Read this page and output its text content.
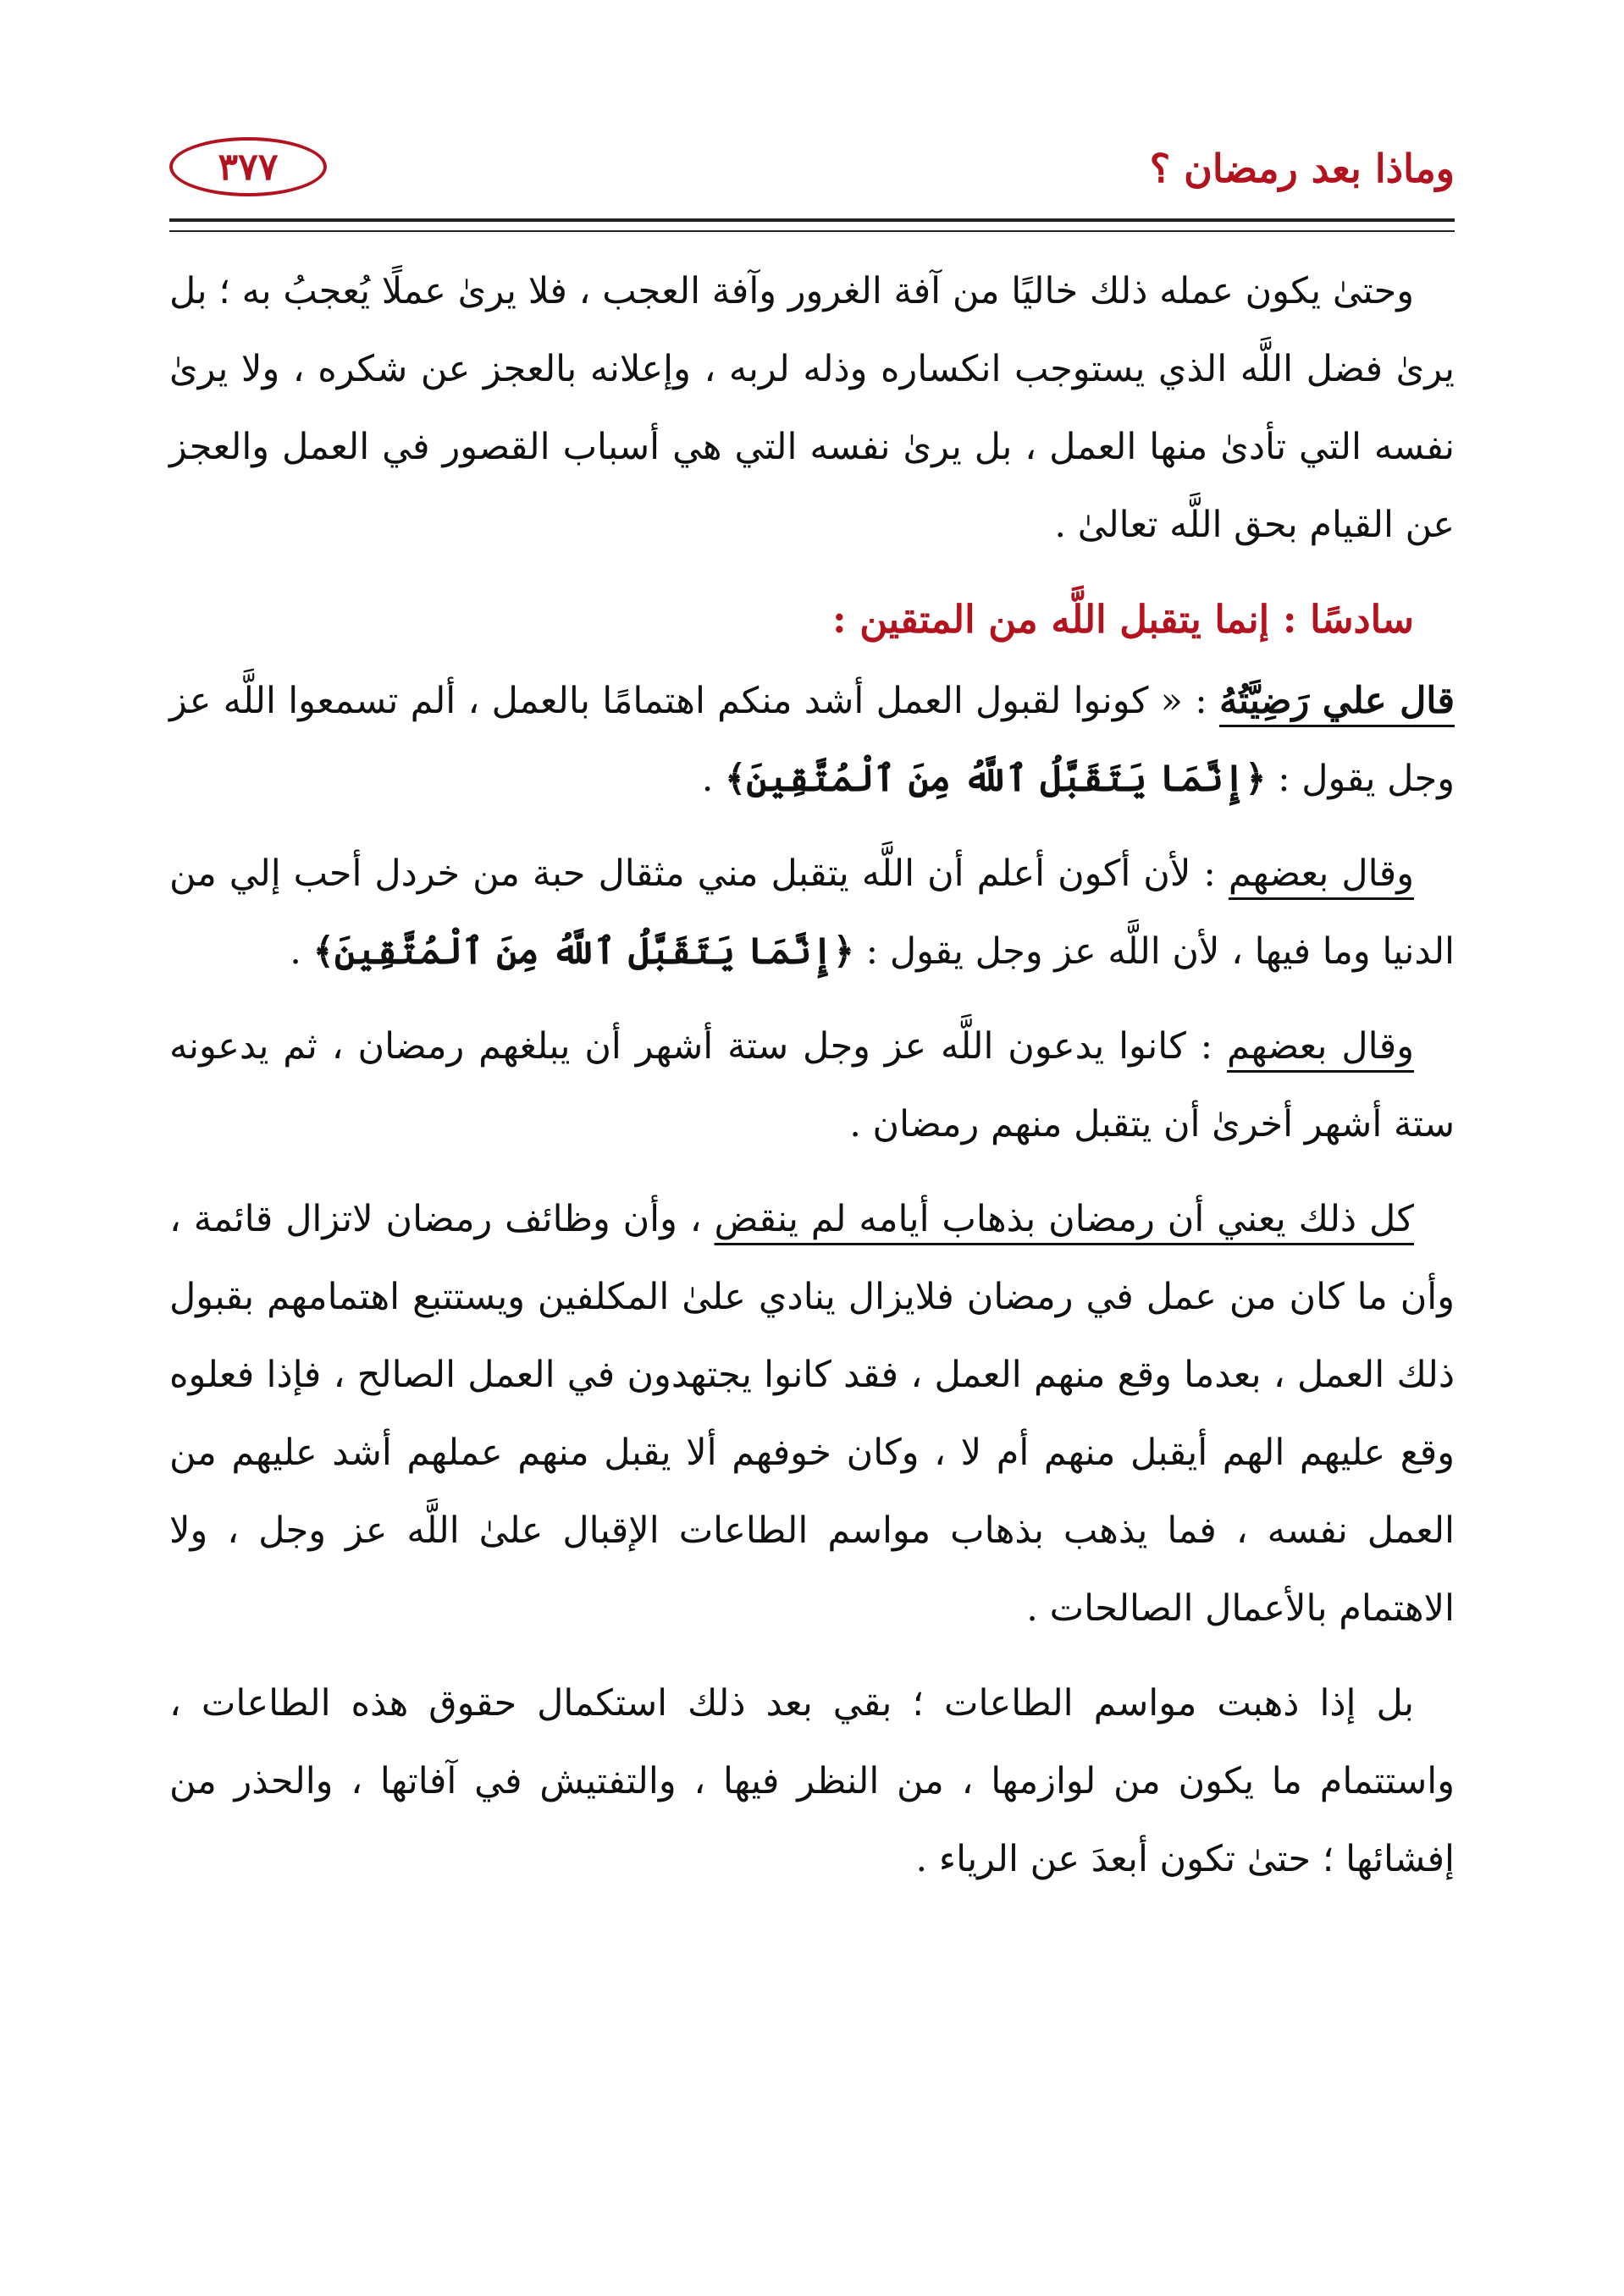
وماذا بعد رمضان ؟
٣٧٧

وحتىٰ يكون عمله ذلك خاليًا من آفة الغرور وآفة العجب ، فلا يرىٰ عملًا يُعجبُ به ؛ بل يرىٰ فضل اللَّه الذي يستوجب انكساره وذله لربه ، وإعلانه بالعجز عن شكره ، ولا يرىٰ نفسه التي تأدىٰ منها العمل ، بل يرىٰ نفسه التي هي أسباب القصور في العمل والعجز عن القيام بحق اللَّه تعالىٰ .

سادسًا : إنما يتقبل اللَّه من المتقين :

قال علي رَضِيَّتُهُ : « كونوا لقبول العمل أشد منكم اهتمامًا بالعمل ، ألم تسمعوا اللَّه عز وجل يقول : ﴿إِنَّمَا يَتَقَبَّلُ ٱللَّهُ مِنَ ٱلْمُتَّقِينَ﴾ .

وقال بعضهم : لأن أكون أعلم أن اللَّه يتقبل مني مثقال حبة من خردل أحب إلي من الدنيا وما فيها ، لأن اللَّه عز وجل يقول : ﴿إِنَّمَا يَتَقَبَّلُ ٱللَّهُ مِنَ ٱلْمُتَّقِينَ﴾ .

وقال بعضهم : كانوا يدعون اللَّه عز وجل ستة أشهر أن يبلغهم رمضان ، ثم يدعونه ستة أشهر أخرىٰ أن يتقبل منهم رمضان .

كل ذلك يعني أن رمضان بذهاب أيامه لم ينقض ، وأن وظائف رمضان لاتزال قائمة ، وأن ما كان من عمل في رمضان فلايزال ينادي علىٰ المكلفين ويستتبع اهتمامهم بقبول ذلك العمل ، بعدما وقع منهم العمل ، فقد كانوا يجتهدون في العمل الصالح ، فإذا فعلوه وقع عليهم الهم أيقبل منهم أم لا ، وكان خوفهم ألا يقبل منهم عملهم أشد عليهم من العمل نفسه ، فما يذهب بذهاب مواسم الطاعات الإقبال علىٰ اللَّه عز وجل ، ولا الاهتمام بالأعمال الصالحات .

بل إذا ذهبت مواسم الطاعات ؛ بقي بعد ذلك استكمال حقوق هذه الطاعات ، واستتمام ما يكون من لوازمها ، من النظر فيها ، والتفتيش في آفاتها ، والحذر من إفشائها ؛ حتىٰ تكون أبعدَ عن الرياء .
